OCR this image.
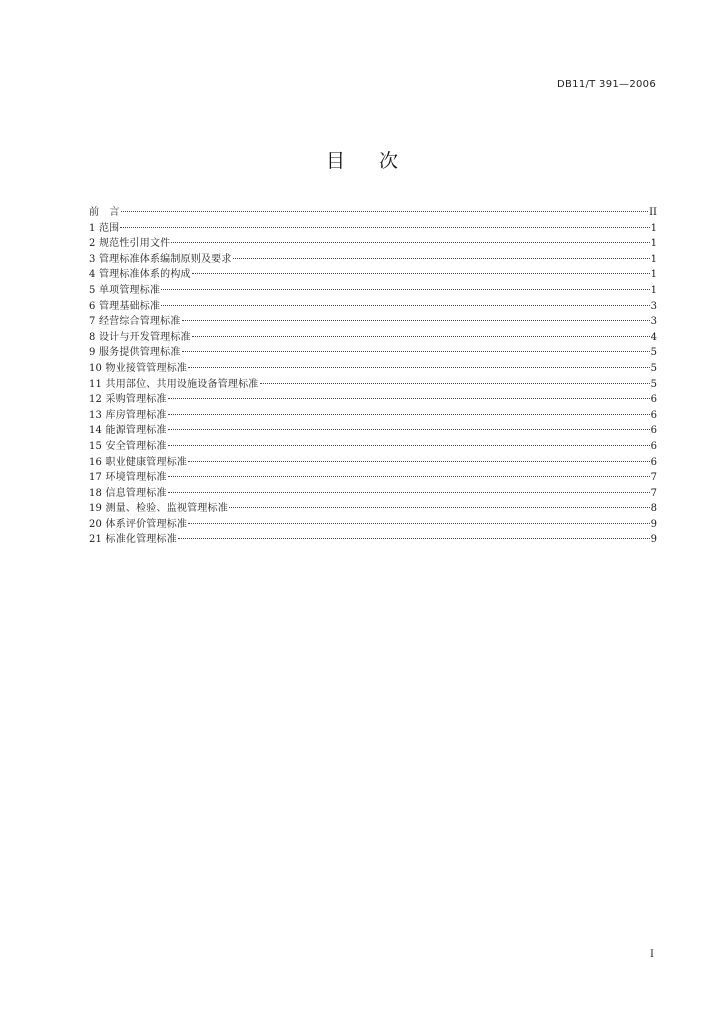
DB11/T 391—2006
目 次
前　言	II
1 范围	1
2 规范性引用文件	1
3 管理标准体系编制原则及要求	1
4 管理标准体系的构成	1
5 单项管理标准	1
6 管理基础标准	3
7 经营综合管理标准	3
8 设计与开发管理标准	4
9 服务提供管理标准	5
10 物业接管管理标准	5
11 共用部位、共用设施设备管理标准	5
12 采购管理标准	6
13 库房管理标准	6
14 能源管理标准	6
15 安全管理标准	6
16 职业健康管理标准	6
17 环境管理标准	7
18 信息管理标准	7
19 测量、检验、监视管理标准	8
20 体系评价管理标准	9
21 标准化管理标准	9
I
